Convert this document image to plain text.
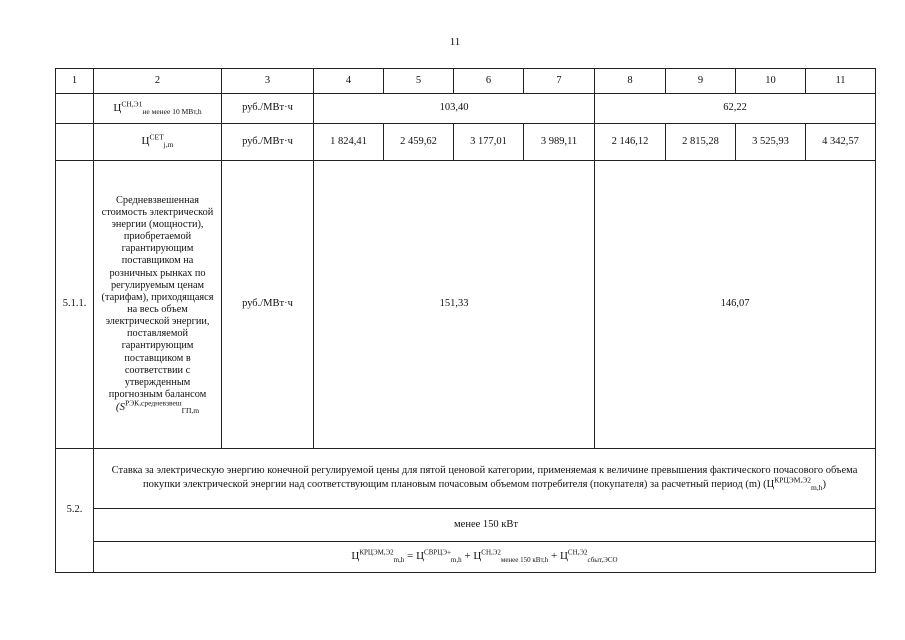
11
1	2	3	4	5	6	7	8	9	10	11
	$Ц^{СН,Э1}_{не менее 10 МВт,h}$	руб./МВт·ч	103,40				62,22			
	$Ц^{СЕТ}_{j,m}$	руб./МВт·ч	1 824,41	2 459,62	3 177,01	3 989,11	2 146,12	2 815,28	3 525,93	4 342,57
5.1.1.	Средневзвешенная стоимость электрической энергии (мощности), приобретаемой гарантирующим поставщиком на розничных рынках по регулируемым ценам (тарифам), приходящаяся на весь объем электрической энергии, поставляемой гарантирующим поставщиком в соответствии с утвержденным прогнозным балансом ($S^{РЭК,средневзвеш}_{ГП,m}$	руб./МВт·ч	151,33				146,07			
5.2.	Ставка за электрическую энергию конечной регулируемой цены для пятой ценовой категории, применяемая к величине превышения фактического почасового объема покупки электрической энергии над соответствующим плановым почасовым объемом потребителя (покупателя) за расчетный период (m) $(Ц^{КРЦЭМ,Э2}_{m,h})$									
	менее 150 кВт									
	$Ц^{КРЦЭМ,Э2}_{m,h} = Ц^{СВРЦЭ+}_{m,h} + Ц^{СН,Э2}_{менее 150 кВт,h} + Ц^{СН,Э2}_{сбыт,ЭСО}$
